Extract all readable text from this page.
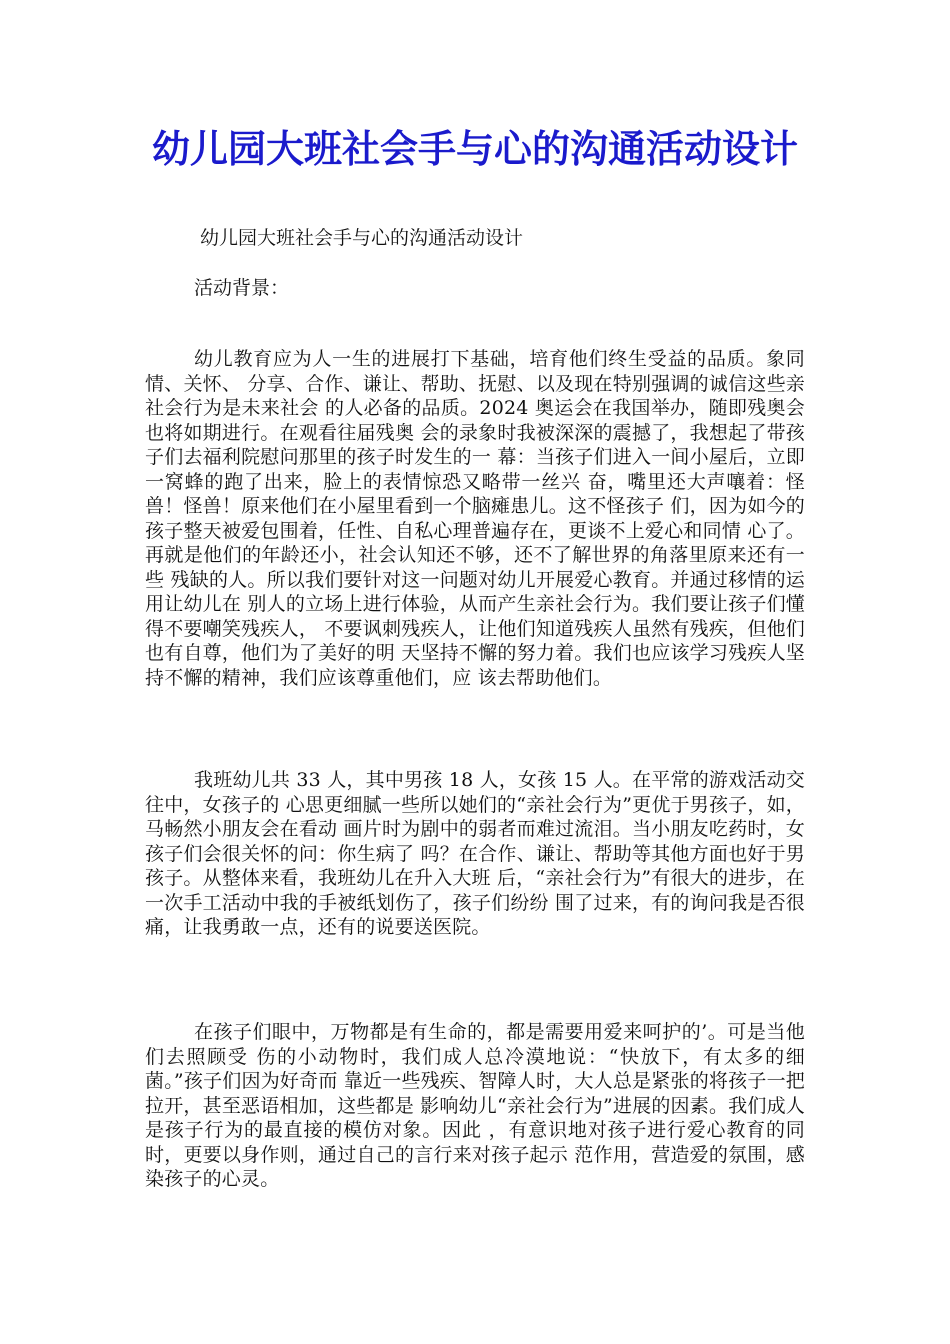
幼儿园大班社会手与心的沟通活动设计

幼儿园大班社会手与心的沟通活动设计

活动背景：

幼儿教育应为人一生的进展打下基础，培育他们终生受益的品质。象同情、关怀、 分享、合作、谦让、帮助、抚慰、以及现在特别强调的诚信这些亲社会行为是未来社会 的人必备的品质。2024 奥运会在我国举办，随即残奥会也将如期进行。在观看往届残奥 会的录象时我被深深的震撼了，我想起了带孩子们去福利院慰问那里的孩子时发生的一 幕：当孩子们进入一间小屋后，立即一窝蜂的跑了出来，脸上的表情惊恐又略带一丝兴 奋，嘴里还大声嚷着：怪兽！怪兽！原来他们在小屋里看到一个脑瘫患儿。这不怪孩子 们，因为如今的孩子整天被爱包围着，任性、自私心理普遍存在，更谈不上爱心和同情 心了。再就是他们的年龄还小，社会认知还不够，还不了解世界的角落里原来还有一些 残缺的人。所以我们要针对这一问题对幼儿开展爱心教育。并通过移情的运用让幼儿在 别人的立场上进行体验，从而产生亲社会行为。我们要让孩子们懂得不要嘲笑残疾人， 不要讽刺残疾人，让他们知道残疾人虽然有残疾，但他们也有自尊，他们为了美好的明 天坚持不懈的努力着。我们也应该学习残疾人坚持不懈的精神，我们应该尊重他们，应 该去帮助他们。

我班幼儿共 33 人，其中男孩 18 人，女孩 15 人。在平常的游戏活动交往中，女孩子的 心思更细腻一些所以她们的“亲社会行为”更优于男孩子，如，马畅然小朋友会在看动 画片时为剧中的弱者而难过流泪。当小朋友吃药时，女孩子们会很关怀的问：你生病了 吗？在合作、谦让、帮助等其他方面也好于男孩子。从整体来看，我班幼儿在升入大班 后，“亲社会行为”有很大的进步，在一次手工活动中我的手被纸划伤了，孩子们纷纷 围了过来，有的询问我是否很痛，让我勇敢一点，还有的说要送医院。

在孩子们眼中，万物都是有生命的，都是需要用爱来呵护的’。可是当他们去照顾受 伤的小动物时，我们成人总冷漠地说：“快放下，有太多的细菌。”孩子们因为好奇而 靠近一些残疾、智障人时，大人总是紧张的将孩子一把拉开，甚至恶语相加，这些都是 影响幼儿“亲社会行为”进展的因素。我们成人是孩子行为的最直接的模仿对象。因此 ，有意识地对孩子进行爱心教育的同时，更要以身作则，通过自己的言行来对孩子起示 范作用，营造爱的氛围，感染孩子的心灵。
